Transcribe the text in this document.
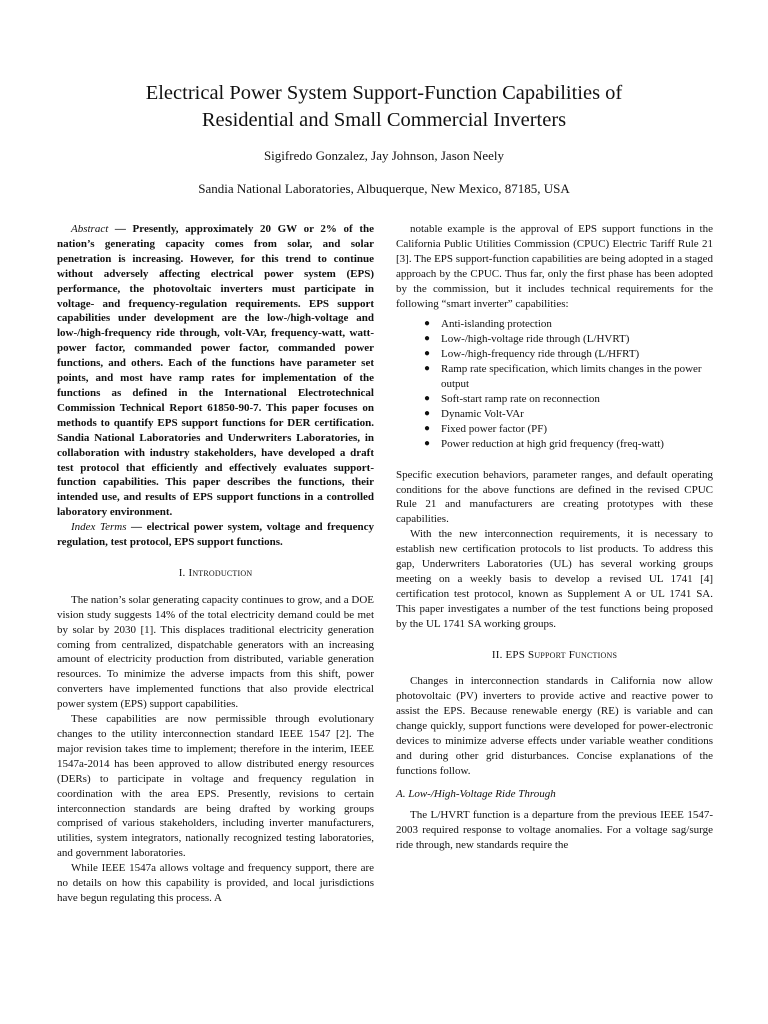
Electrical Power System Support-Function Capabilities of
Residential and Small Commercial Inverters
Sigifredo Gonzalez, Jay Johnson, Jason Neely
Sandia National Laboratories, Albuquerque, New Mexico, 87185, USA

Abstract — Presently, approximately 20 GW or 2% of the nation’s generating capacity comes from solar, and solar penetration is increasing. However, for this trend to continue without adversely affecting electrical power system (EPS) performance, the photovoltaic inverters must participate in voltage- and frequency-regulation requirements. EPS support capabilities under development are the low-/high-voltage and low-/high-frequency ride through, volt-VAr, frequency-watt, watt-power factor, commanded power factor, commanded power functions, and others. Each of the functions have parameter set points, and most have ramp rates for implementation of the functions as defined in the International Electrotechnical Commission Technical Report 61850-90-7. This paper focuses on methods to quantify EPS support functions for DER certification. Sandia National Laboratories and Underwriters Laboratories, in collaboration with industry stakeholders, have developed a draft test protocol that efficiently and effectively evaluates support-function capabilities. This paper describes the functions, their intended use, and results of EPS support functions in a controlled laboratory environment.

Index Terms — electrical power system, voltage and frequency regulation, test protocol, EPS support functions.

I. Introduction

The nation’s solar generating capacity continues to grow, and a DOE vision study suggests 14% of the total electricity demand could be met by solar by 2030 [1]. This displaces traditional electricity generation coming from centralized, dispatchable generators with an increasing amount of electricity production from distributed, variable generation resources. To minimize the adverse impacts from this shift, power converters have implemented functions that also provide electrical power system (EPS) support capabilities.

These capabilities are now permissible through evolutionary changes to the utility interconnection standard IEEE 1547 [2]. The major revision takes time to implement; therefore in the interim, IEEE 1547a-2014 has been approved to allow distributed energy resources (DERs) to participate in voltage and frequency regulation in coordination with the area EPS. Presently, revisions to certain interconnection standards are being drafted by working groups comprised of various stakeholders, including inverter manufacturers, utilities, system integrators, nationally recognized testing laboratories, and government laboratories.

While IEEE 1547a allows voltage and frequency support, there are no details on how this capability is provided, and local jurisdictions have begun regulating this process. A

notable example is the approval of EPS support functions in the California Public Utilities Commission (CPUC) Electric Tariff Rule 21 [3]. The EPS support-function capabilities are being adopted in a staged approach by the CPUC. Thus far, only the first phase has been adopted by the commission, but it includes technical requirements for the following “smart inverter” capabilities:

● Anti-islanding protection
● Low-/high-voltage ride through (L/HVRT)
● Low-/high-frequency ride through (L/HFRT)
● Ramp rate specification, which limits changes in the power output
● Soft-start ramp rate on reconnection
● Dynamic Volt-VAr
● Fixed power factor (PF)
● Power reduction at high grid frequency (freq-watt)

Specific execution behaviors, parameter ranges, and default operating conditions for the above functions are defined in the revised CPUC Rule 21 and manufacturers are creating prototypes with these capabilities.

With the new interconnection requirements, it is necessary to establish new certification protocols to list products. To address this gap, Underwriters Laboratories (UL) has several working groups meeting on a weekly basis to develop a revised UL 1741 [4] certification test protocol, known as Supplement A or UL 1741 SA. This paper investigates a number of the test functions being proposed by the UL 1741 SA working groups.

II. EPS Support Functions

Changes in interconnection standards in California now allow photovoltaic (PV) inverters to provide active and reactive power to assist the EPS. Because renewable energy (RE) is variable and can change quickly, support functions were developed for power-electronic devices to minimize adverse effects under variable weather conditions and during other grid disturbances. Concise explanations of the functions follow.

A. Low-/High-Voltage Ride Through

The L/HVRT function is a departure from the previous IEEE 1547-2003 required response to voltage anomalies. For a voltage sag/surge ride through, new standards require the
